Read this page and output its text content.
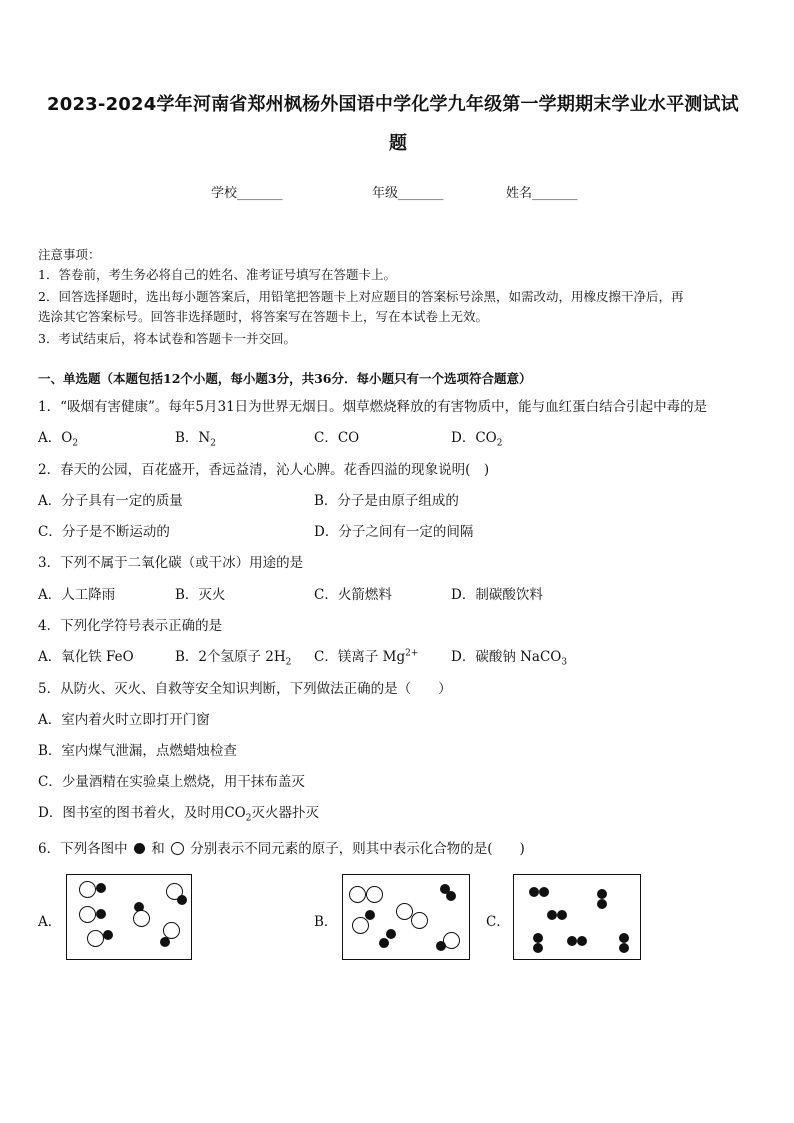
2023-2024学年河南省郑州枫杨外国语中学化学九年级第一学期期末学业水平测试试
题
学校_______	年级_______	姓名_______
注意事项：
1．答卷前，考生务必将自己的姓名、准考证号填写在答题卡上。
2．回答选择题时，选出每小题答案后，用铅笔把答题卡上对应题目的答案标号涂黑，如需改动，用橡皮擦干净后，再
选涂其它答案标号。回答非选择题时，将答案写在答题卡上，写在本试卷上无效。
3．考试结束后，将本试卷和答题卡一并交回。
一、单选题（本题包括12个小题，每小题3分，共36分．每小题只有一个选项符合题意）
1．“吸烟有害健康”。每年5月31日为世界无烟日。烟草燃烧释放的有害物质中，能与血红蛋白结合引起中毒的是
A．$O_2$	B．$N_2$	C．CO	D．$CO_2$
2．春天的公园，百花盛开，香远益清，沁人心脾。花香四溢的现象说明(　)
A．分子具有一定的质量	B．分子是由原子组成的
C．分子是不断运动的	D．分子之间有一定的间隔
3．下列不属于二氧化碳（或干冰）用途的是
A．人工降雨	B．灭火	C．火箭燃料	D．制碳酸饮料
4．下列化学符号表示正确的是
A．氧化铁 FeO	B．2个氢原子 $2H_2$ C．镁离子 $Mg^{2+}$ D．碳酸钠 NaCO$_3$
5．从防火、灭火、自救等安全知识判断，下列做法正确的是（　　）
A．室内着火时立即打开门窗
B．室内煤气泄漏，点燃蜡烛检查
C．少量酒精在实验桌上燃烧，用干抹布盖灭
D．图书室的图书着火，及时用$CO_2$灭火器扑灭
6．下列各图中 和 分别表示不同元素的原子，则其中表示化合物的是(　　)
A．	B．	C．
